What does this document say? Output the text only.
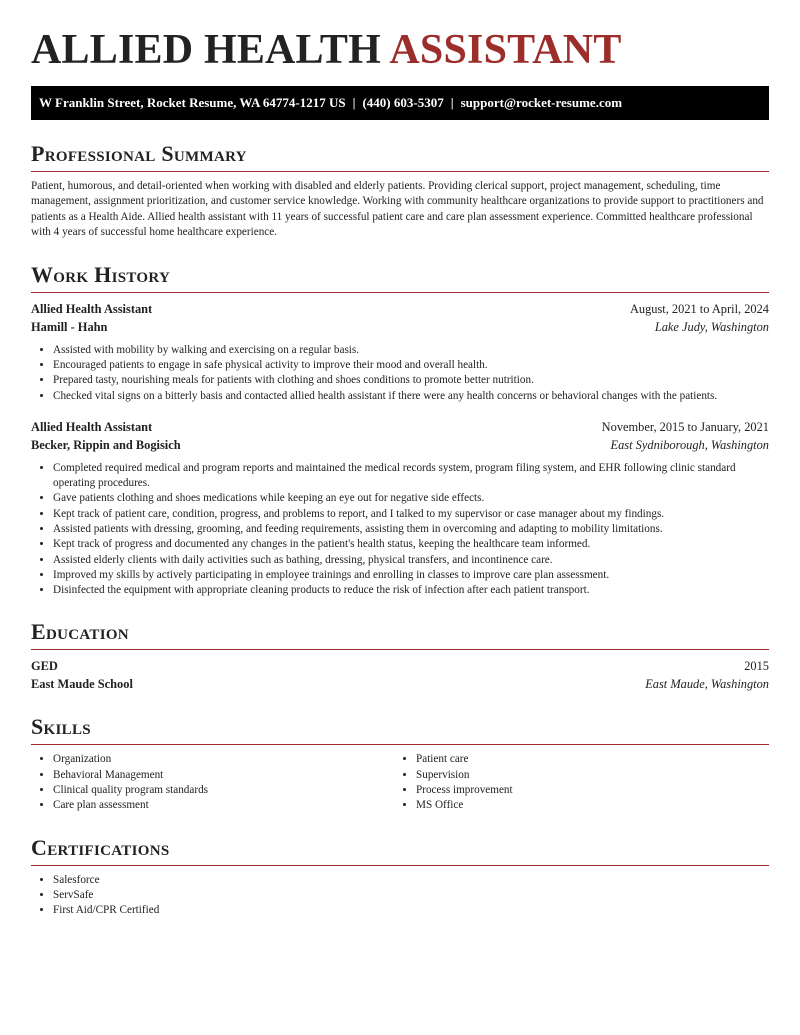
ALLIED HEALTH ASSISTANT
W Franklin Street, Rocket Resume, WA 64774-1217 US | (440) 603-5307 | support@rocket-resume.com
Professional Summary

Patient, humorous, and detail-oriented when working with disabled and elderly patients. Providing clerical support, project management, scheduling, time management, assignment prioritization, and customer service knowledge. Working with community healthcare organizations to provide support to practitioners and patients as a Health Aide. Allied health assistant with 11 years of successful patient care and care plan assessment experience. Committed healthcare professional with 4 years of successful home healthcare experience.

Work History
Allied Health Assistant	August, 2021 to April, 2024
Hamill - Hahn	Lake Judy, Washington
• Assisted with mobility by walking and exercising on a regular basis.
• Encouraged patients to engage in safe physical activity to improve their mood and overall health.
• Prepared tasty, nourishing meals for patients with clothing and shoes conditions to promote better nutrition.
• Checked vital signs on a bitterly basis and contacted allied health assistant if there were any health concerns or behavioral changes with the patients.
Allied Health Assistant	November, 2015 to January, 2021
Becker, Rippin and Bogisich	East Sydniborough, Washington
• Completed required medical and program reports and maintained the medical records system, program filing system, and EHR following clinic standard operating procedures.
• Gave patients clothing and shoes medications while keeping an eye out for negative side effects.
• Kept track of patient care, condition, progress, and problems to report, and I talked to my supervisor or case manager about my findings.
• Assisted patients with dressing, grooming, and feeding requirements, assisting them in overcoming and adapting to mobility limitations.
• Kept track of progress and documented any changes in the patient's health status, keeping the healthcare team informed.
• Assisted elderly clients with daily activities such as bathing, dressing, physical transfers, and incontinence care.
• Improved my skills by actively participating in employee trainings and enrolling in classes to improve care plan assessment.
• Disinfected the equipment with appropriate cleaning products to reduce the risk of infection after each patient transport.
Education
GED	2015
East Maude School	East Maude, Washington
Skills
• Organization
• Behavioral Management
• Clinical quality program standards
• Care plan assessment
• Patient care
• Supervision
• Process improvement
• MS Office
Certifications
• Salesforce
• ServSafe
• First Aid/CPR Certified
